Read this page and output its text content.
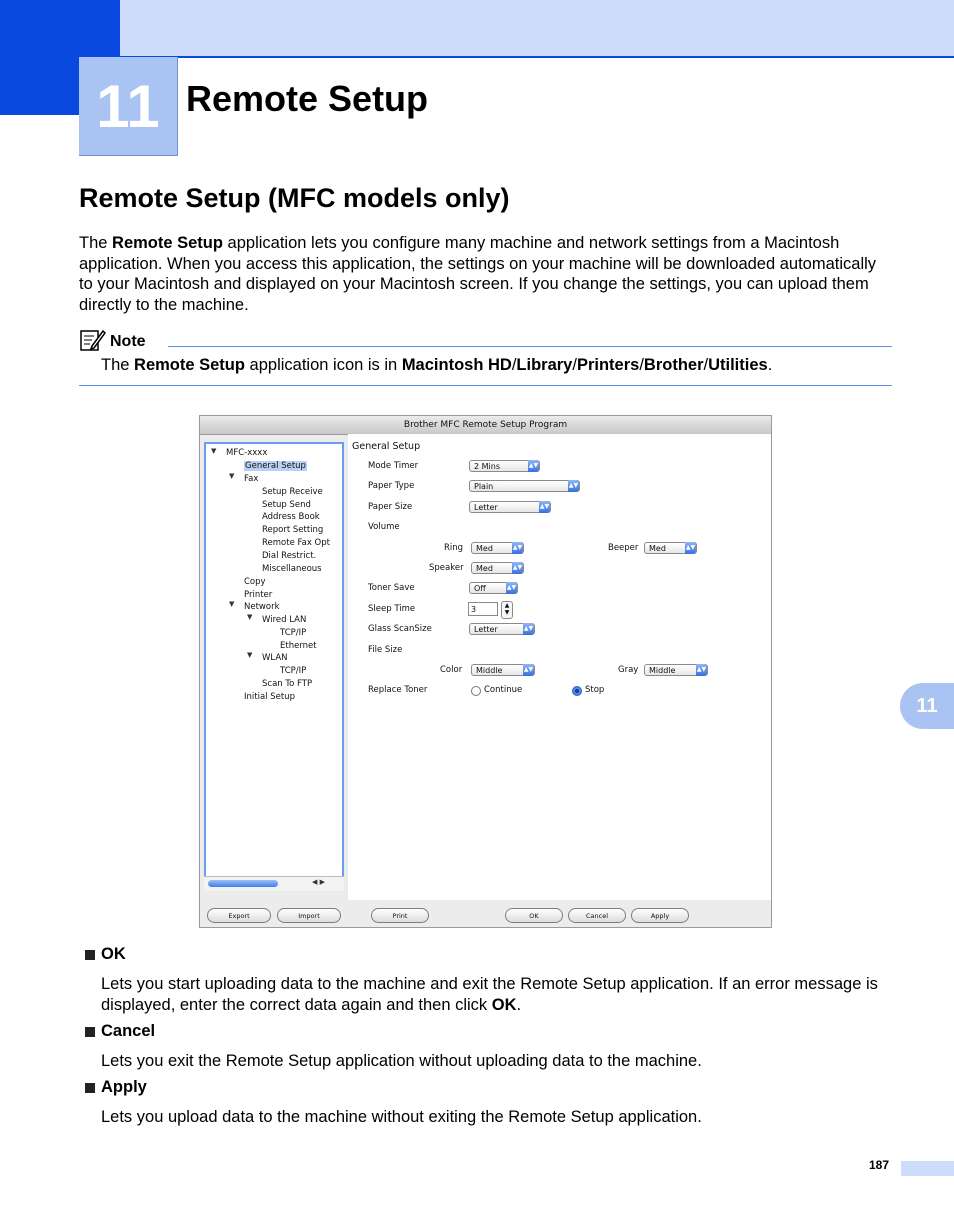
11 Remote Setup
Remote Setup (MFC models only)
The Remote Setup application lets you configure many machine and network settings from a Macintosh application. When you access this application, the settings on your machine will be downloaded automatically to your Macintosh and displayed on your Macintosh screen. If you change the settings, you can upload them directly to the machine.
Note
The Remote Setup application icon is in Macintosh HD/Library/Printers/Brother/Utilities.
11
Brother MFC Remote Setup Program
▼ MFC-xxxx
General Setup
▼ Fax
Setup Receive
Setup Send
Address Book
Report Setting
Remote Fax Opt
Dial Restrict.
Miscellaneous
Copy
Printer
▼ Network
▼ Wired LAN
TCP/IP
Ethernet
▼ WLAN
TCP/IP
Scan To FTP
Initial Setup
◀ ▶
General Setup
Mode Timer	2 Mins	▲▼
Paper Type	Plain	▲▼
Paper Size	Letter	▲▼
Volume
Ring	Med	▲▼	Beeper	Med	▲▼
Speaker	Med	▲▼
Toner Save	Off	▲▼
Sleep Time	3	▲
▼
Glass ScanSize	Letter	▲▼
File Size
Color	Middle	▲▼	Gray	Middle	▲▼
Replace Toner	Continue	Stop
Export	Import	Print	OK	Cancel	Apply
OK
Lets you start uploading data to the machine and exit the Remote Setup application. If an error message is displayed, enter the correct data again and then click OK.
Cancel
Lets you exit the Remote Setup application without uploading data to the machine.
Apply
Lets you upload data to the machine without exiting the Remote Setup application.
187
